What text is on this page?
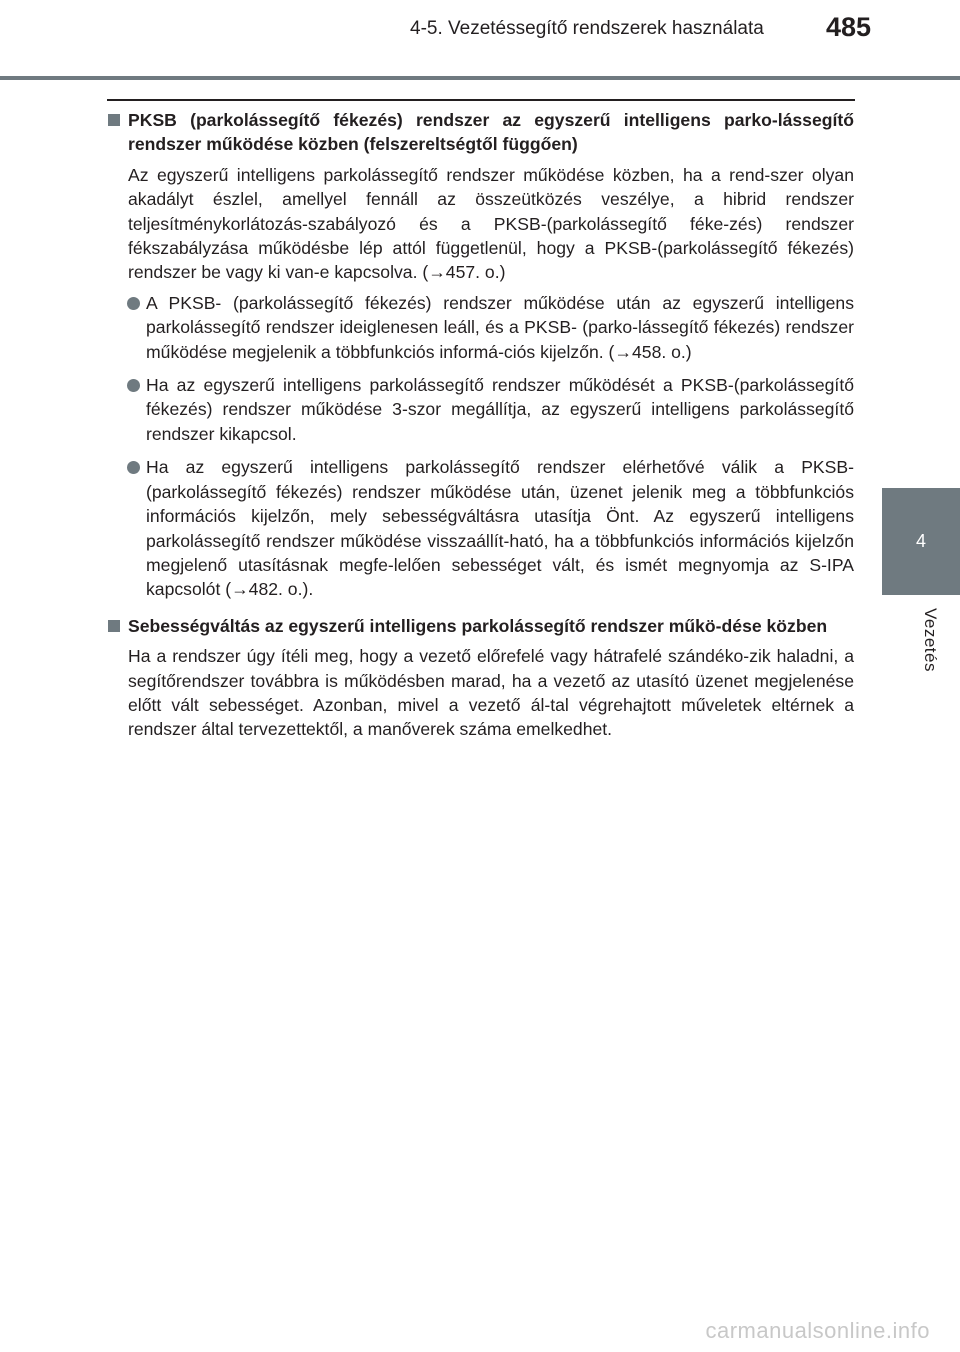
4-5. Vezetéssegítő rendszerek használata	485
4
Vezetés
PKSB (parkolássegítő fékezés) rendszer az egyszerű intelligens parko-lássegítő rendszer működése közben (felszereltségtől függően)
Az egyszerű intelligens parkolássegítő rendszer működése közben, ha a rend-szer olyan akadályt észlel, amellyel fennáll az összeütközés veszélye, a hibrid rendszer teljesítménykorlátozás-szabályozó és a PKSB-(parkolássegítő féke-zés) rendszer fékszabályzása működésbe lép attól függetlenül, hogy a PKSB-(parkolássegítő fékezés) rendszer be vagy ki van-e kapcsolva. (→457. o.)
A PKSB- (parkolássegítő fékezés) rendszer működése után az egyszerű intelligens parkolássegítő rendszer ideiglenesen leáll, és a PKSB- (parko-lássegítő fékezés) rendszer működése megjelenik a többfunkciós informá-ciós kijelzőn. (→458. o.)
Ha az egyszerű intelligens parkolássegítő rendszer működését a PKSB-(parkolássegítő fékezés) rendszer működése 3-szor megállítja, az egyszerű intelligens parkolássegítő rendszer kikapcsol.
Ha az egyszerű intelligens parkolássegítő rendszer elérhetővé válik a PKSB- (parkolássegítő fékezés) rendszer működése után, üzenet jelenik meg a többfunkciós információs kijelzőn, mely sebességváltásra utasítja Önt. Az egyszerű intelligens parkolássegítő rendszer működése visszaállít-ható, ha a többfunkciós információs kijelzőn megjelenő utasításnak megfe-lelően sebességet vált, és ismét megnyomja az S-IPA kapcsolót (→482. o.).
Sebességváltás az egyszerű intelligens parkolássegítő rendszer műkö-dése közben
Ha a rendszer úgy ítéli meg, hogy a vezető előrefelé vagy hátrafelé szándéko-zik haladni, a segítőrendszer továbbra is működésben marad, ha a vezető az utasító üzenet megjelenése előtt vált sebességet. Azonban, mivel a vezető ál-tal végrehajtott műveletek eltérnek a rendszer által tervezettektől, a manőverek száma emelkedhet.
carmanualsonline.info
